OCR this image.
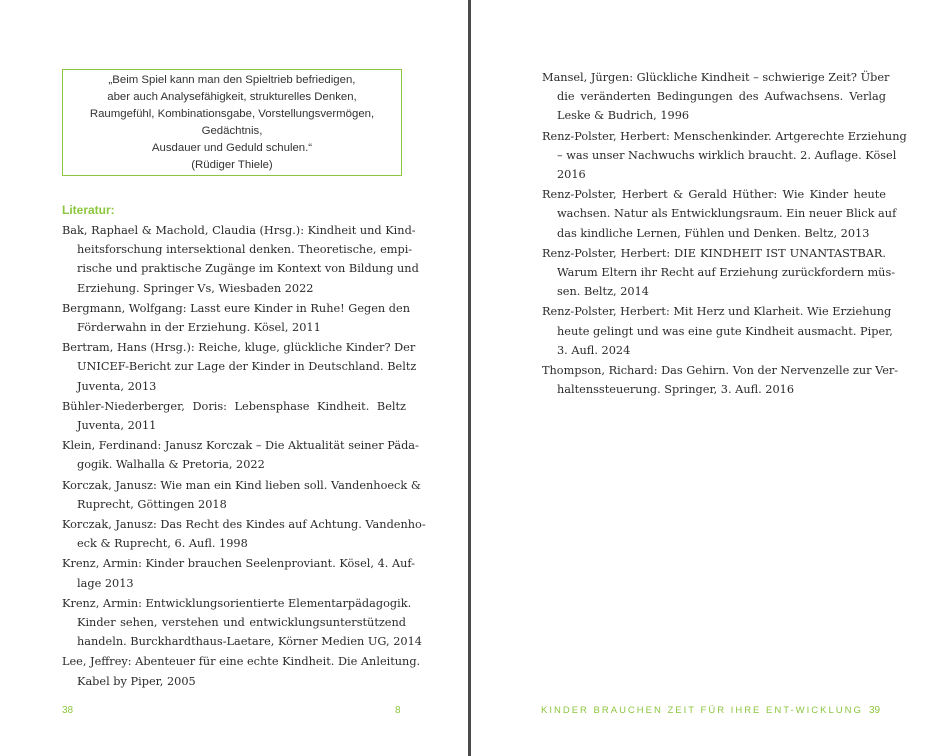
„Beim Spiel kann man den Spieltrieb befriedigen,
aber auch Analysefähigkeit, strukturelles Denken,
Raumgefühl, Kombinationsgabe, Vorstellungsvermögen,
Gedächtnis,
Ausdauer und Geduld schulen.“
(Rüdiger Thiele)
Literatur:
Bak, Raphael & Machold, Claudia (Hrsg.): Kindheit und Kind-
heitsforschung intersektional denken. Theoretische, empi-
rische und praktische Zugänge im Kontext von Bildung und
Erziehung. Springer Vs, Wiesbaden 2022
Bergmann, Wolfgang: Lasst eure Kinder in Ruhe! Gegen den
Förderwahn in der Erziehung. Kösel, 2011
Bertram, Hans (Hrsg.): Reiche, kluge, glückliche Kinder? Der
UNICEF-Bericht zur Lage der Kinder in Deutschland. Beltz
Juventa, 2013
Bühler-Niederberger, Doris: Lebensphase Kindheit. Beltz
Juventa, 2011
Klein, Ferdinand: Janusz Korczak – Die Aktualität seiner Päda-
gogik. Walhalla & Pretoria, 2022
Korczak, Janusz: Wie man ein Kind lieben soll. Vandenhoeck &
Ruprecht, Göttingen 2018
Korczak, Janusz: Das Recht des Kindes auf Achtung. Vandenho-
eck & Ruprecht, 6. Aufl. 1998
Krenz, Armin: Kinder brauchen Seelenproviant. Kösel, 4. Auf-
lage 2013
Krenz, Armin: Entwicklungsorientierte Elementarpädagogik.
Kinder sehen, verstehen und entwicklungsunterstützend
handeln. Burckhardthaus-Laetare, Körner Medien UG, 2014
Lee, Jeffrey: Abenteuer für eine echte Kindheit. Die Anleitung.
Kabel by Piper, 2005
38	8	KINDER BRAUCHEN ZEIT FÜR IHRE ENT-WICKLUNG 39
Mansel, Jürgen: Glückliche Kindheit – schwierige Zeit? Über
die veränderten Bedingungen des Aufwachsens. Verlag
Leske & Budrich, 1996
Renz-Polster, Herbert: Menschenkinder. Artgerechte Erziehung
– was unser Nachwuchs wirklich braucht. 2. Auflage. Kösel
2016
Renz-Polster, Herbert & Gerald Hüther: Wie Kinder heute
wachsen. Natur als Entwicklungsraum. Ein neuer Blick auf
das kindliche Lernen, Fühlen und Denken. Beltz, 2013
Renz-Polster, Herbert: DIE KINDHEIT IST UNANTASTBAR.
Warum Eltern ihr Recht auf Erziehung zurückfordern müs-
sen. Beltz, 2014
Renz-Polster, Herbert: Mit Herz und Klarheit. Wie Erziehung
heute gelingt und was eine gute Kindheit ausmacht. Piper,
3. Aufl. 2024
Thompson, Richard: Das Gehirn. Von der Nervenzelle zur Ver-
haltenssteuerung. Springer, 3. Aufl. 2016
